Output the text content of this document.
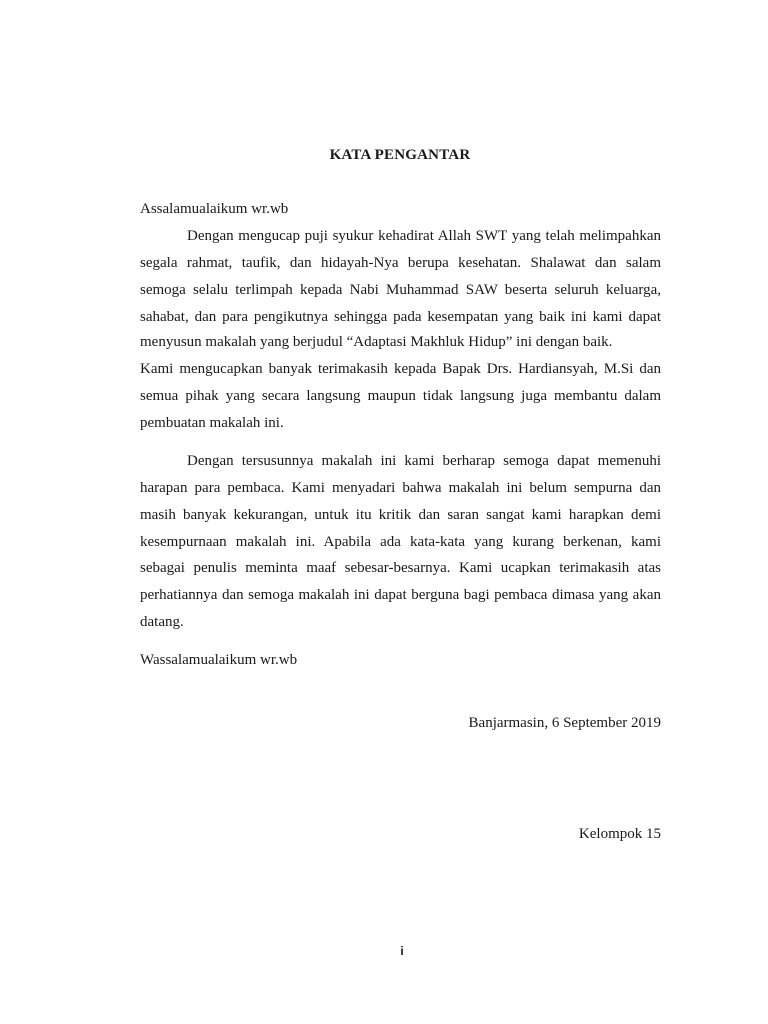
KATA PENGANTAR
Assalamualaikum wr.wb
Dengan mengucap puji syukur kehadirat Allah SWT yang telah melimpahkan
segala rahmat, taufik, dan hidayah-Nya berupa kesehatan. Shalawat dan salam
semoga selalu terlimpah kepada Nabi Muhammad SAW beserta seluruh keluarga,
sahabat, dan para pengikutnya sehingga pada kesempatan yang baik ini kami dapat
menyusun makalah yang berjudul “Adaptasi Makhluk Hidup” ini dengan baik.
Kami mengucapkan banyak terimakasih kepada Bapak Drs. Hardiansyah, M.Si dan
semua pihak yang secara langsung maupun tidak langsung juga membantu dalam
pembuatan makalah ini.
Dengan tersusunnya makalah ini kami berharap semoga dapat memenuhi
harapan para pembaca. Kami menyadari bahwa makalah ini belum sempurna dan
masih banyak kekurangan, untuk itu kritik dan saran sangat kami harapkan demi
kesempurnaan makalah ini. Apabila ada kata-kata yang kurang berkenan, kami
sebagai penulis meminta maaf sebesar-besarnya. Kami ucapkan terimakasih atas
perhatiannya dan semoga makalah ini dapat berguna bagi pembaca dimasa yang akan
datang.
Wassalamualaikum wr.wb
Banjarmasin, 6 September 2019
Kelompok 15
i
